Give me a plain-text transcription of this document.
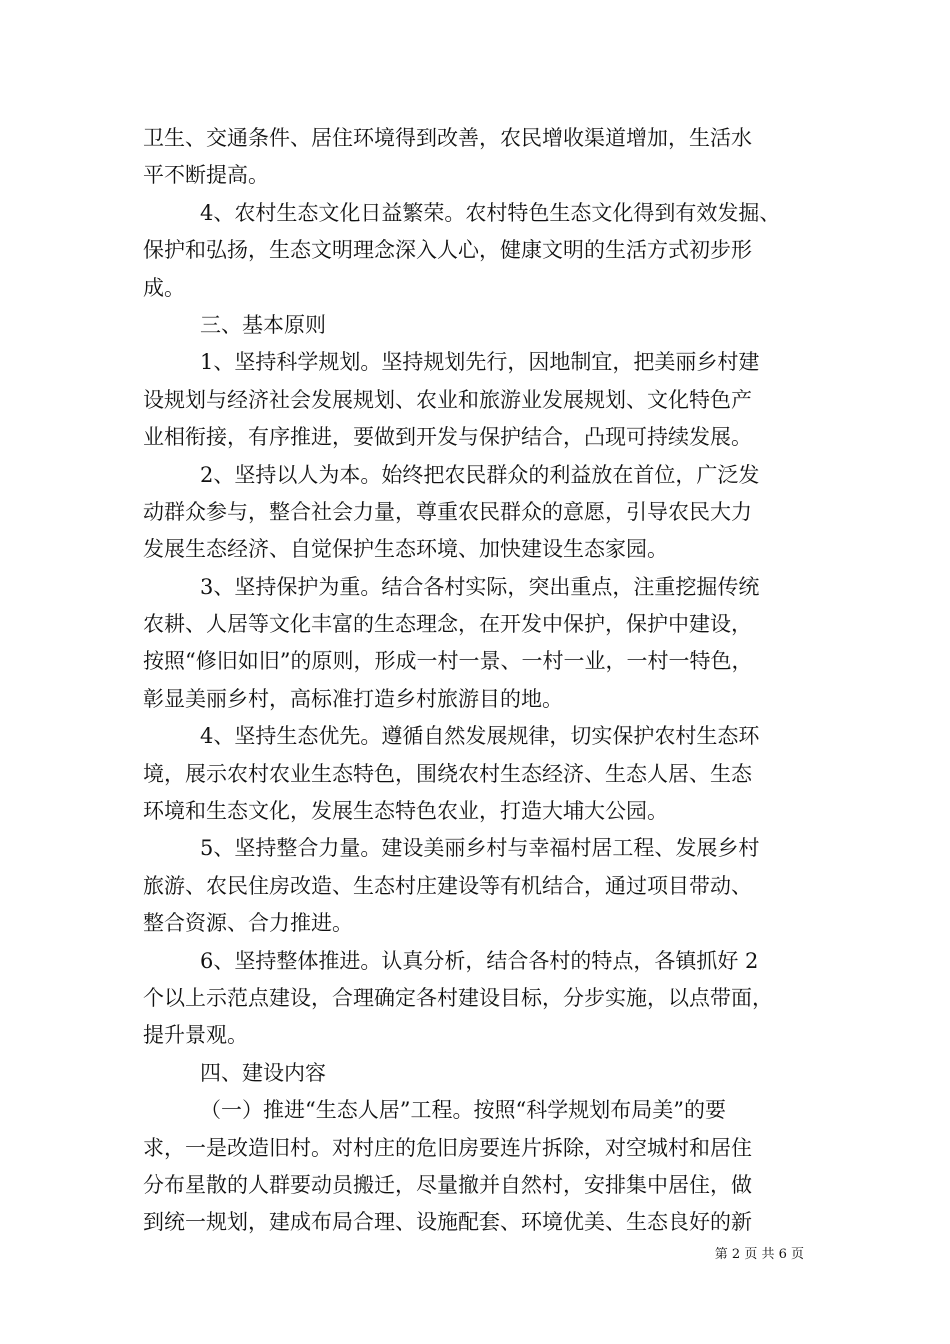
卫生、交通条件、居住环境得到改善，农民增收渠道增加，生活水
平不断提高。
4、农村生态文化日益繁荣。农村特色生态文化得到有效发掘、
保护和弘扬，生态文明理念深入人心，健康文明的生活方式初步形
成。
三、基本原则
1、坚持科学规划。坚持规划先行，因地制宜，把美丽乡村建
设规划与经济社会发展规划、农业和旅游业发展规划、文化特色产
业相衔接，有序推进，要做到开发与保护结合，凸现可持续发展。
2、坚持以人为本。始终把农民群众的利益放在首位，广泛发
动群众参与，整合社会力量，尊重农民群众的意愿，引导农民大力
发展生态经济、自觉保护生态环境、加快建设生态家园。
3、坚持保护为重。结合各村实际，突出重点，注重挖掘传统
农耕、人居等文化丰富的生态理念，在开发中保护，保护中建设，
按照“修旧如旧”的原则，形成一村一景、一村一业，一村一特色，
彰显美丽乡村，高标准打造乡村旅游目的地。
4、坚持生态优先。遵循自然发展规律，切实保护农村生态环
境，展示农村农业生态特色，围绕农村生态经济、生态人居、生态
环境和生态文化，发展生态特色农业，打造大埔大公园。
5、坚持整合力量。建设美丽乡村与幸福村居工程、发展乡村
旅游、农民住房改造、生态村庄建设等有机结合，通过项目带动、
整合资源、合力推进。
6、坚持整体推进。认真分析，结合各村的特点，各镇抓好 2
个以上示范点建设，合理确定各村建设目标，分步实施，以点带面，
提升景观。
四、建设内容
（一）推进“生态人居”工程。按照“科学规划布局美”的要
求，一是改造旧村。对村庄的危旧房要连片拆除，对空城村和居住
分布星散的人群要动员搬迁，尽量撤并自然村，安排集中居住，做
到统一规划，建成布局合理、设施配套、环境优美、生态良好的新
第 2 页 共 6 页
